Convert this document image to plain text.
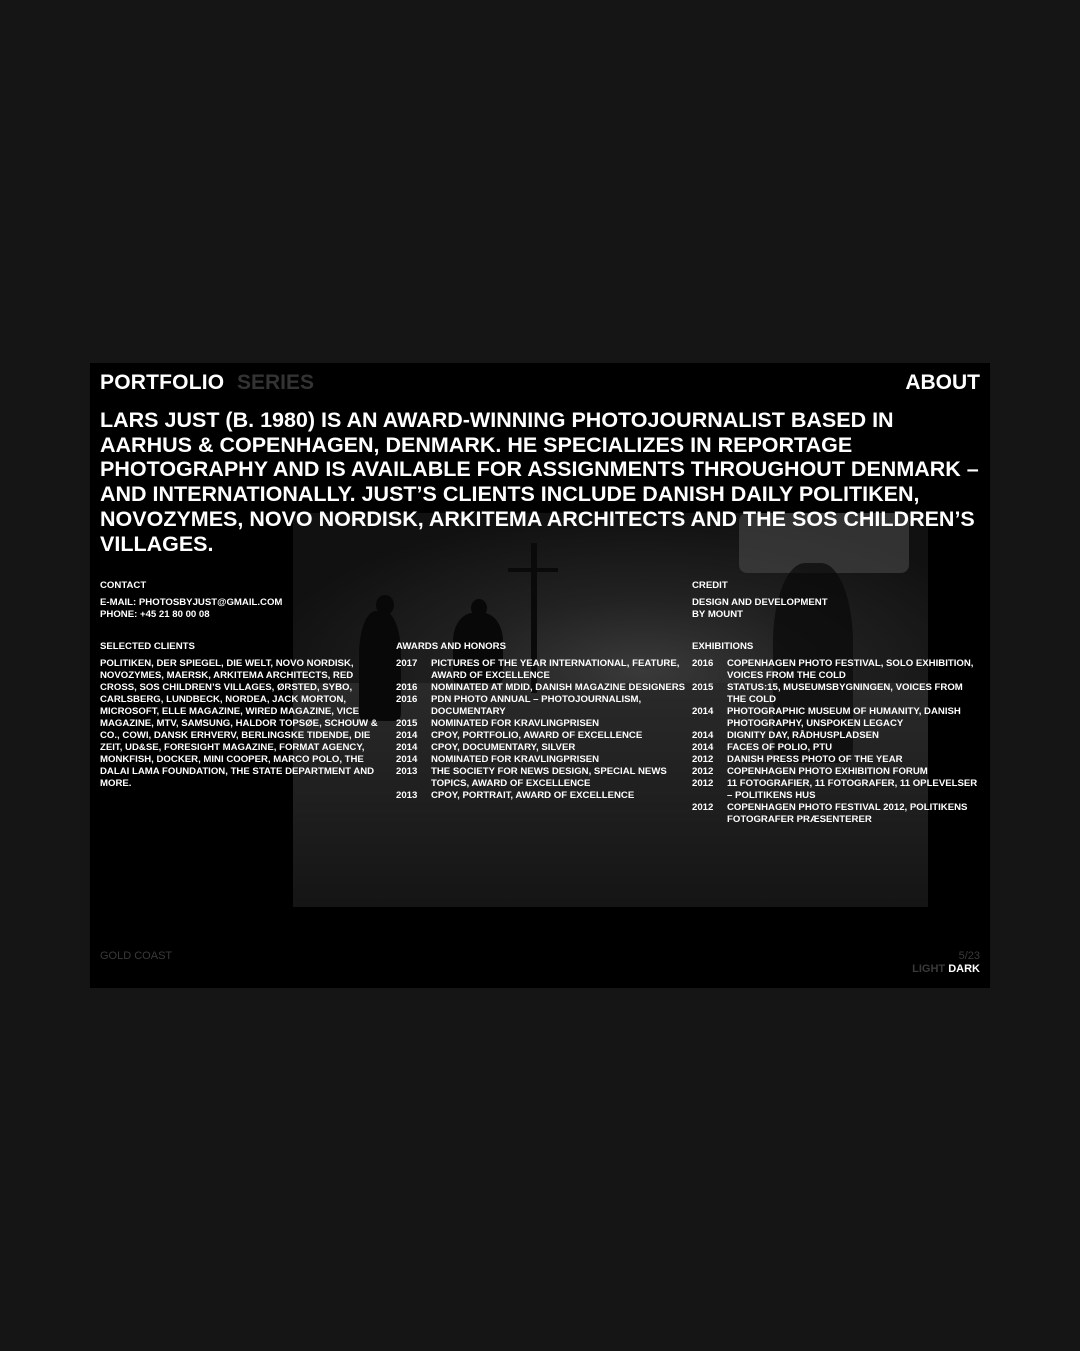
PORTFOLIO SERIES	ABOUT

LARS JUST (B. 1980) IS AN AWARD-WINNING PHOTOJOURNALIST BASED IN AARHUS & COPENHAGEN, DENMARK. HE SPECIALIZES IN REPORTAGE PHOTOGRAPHY AND IS AVAILABLE FOR ASSIGNMENTS THROUGHOUT DENMARK – AND INTERNATIONALLY. JUST’S CLIENTS INCLUDE DANISH DAILY POLITIKEN, NOVOZYMES, NOVO NORDISK, ARKITEMA ARCHITECTS AND THE SOS CHILDREN’S VILLAGES.

CONTACT

E-MAIL: PHOTOSBYJUST@GMAIL.COM
PHONE: +45 21 80 00 08

CREDIT

DESIGN AND DEVELOPMENT
BY MOUNT

SELECTED CLIENTS

POLITIKEN, DER SPIEGEL, DIE WELT, NOVO NORDISK, NOVOZYMES, MAERSK, ARKITEMA ARCHITECTS, RED CROSS, SOS CHILDREN’S VILLAGES, ØRSTED, SYBO, CARLSBERG, LUNDBECK, NORDEA, JACK MORTON, MICROSOFT, ELLE MAGAZINE, WIRED MAGAZINE, VICE MAGAZINE, MTV, SAMSUNG, HALDOR TOPSØE, SCHOUW & CO., COWI, DANSK ERHVERV, BERLINGSKE TIDENDE, DIE ZEIT, UD&SE, FORESIGHT MAGAZINE, FORMAT AGENCY, MONKFISH, DOCKER, MINI COOPER, MARCO POLO, THE DALAI LAMA FOUNDATION, THE STATE DEPARTMENT AND MORE.

AWARDS AND HONORS

2017	PICTURES OF THE YEAR INTERNATIONAL, FEATURE, AWARD OF EXCELLENCE
2016	NOMINATED AT MDID, DANISH MAGAZINE DESIGNERS
2016	PDN PHOTO ANNUAL – PHOTOJOURNALISM, DOCUMENTARY
2015	NOMINATED FOR KRAVLINGPRISEN
2014	CPOY, PORTFOLIO, AWARD OF EXCELLENCE
2014	CPOY, DOCUMENTARY, SILVER
2014	NOMINATED FOR KRAVLINGPRISEN
2013	THE SOCIETY FOR NEWS DESIGN, SPECIAL NEWS TOPICS, AWARD OF EXCELLENCE
2013	CPOY, PORTRAIT, AWARD OF EXCELLENCE

EXHIBITIONS

2016	COPENHAGEN PHOTO FESTIVAL, SOLO EXHIBITION, VOICES FROM THE COLD
2015	STATUS:15, MUSEUMSBYGNINGEN, VOICES FROM THE COLD
2014	PHOTOGRAPHIC MUSEUM OF HUMANITY, DANISH PHOTOGRAPHY, UNSPOKEN LEGACY
2014	DIGNITY DAY, RÅDHUSPLADSEN
2014	FACES OF POLIO, PTU
2012	DANISH PRESS PHOTO OF THE YEAR
2012	COPENHAGEN PHOTO EXHIBITION FORUM
2012	11 FOTOGRAFIER, 11 FOTOGRAFER, 11 OPLEVELSER – POLITIKENS HUS
2012	COPENHAGEN PHOTO FESTIVAL 2012, POLITIKENS FOTOGRAFER PRÆSENTERER
GOLD COAST	5/23
LIGHT DARK
